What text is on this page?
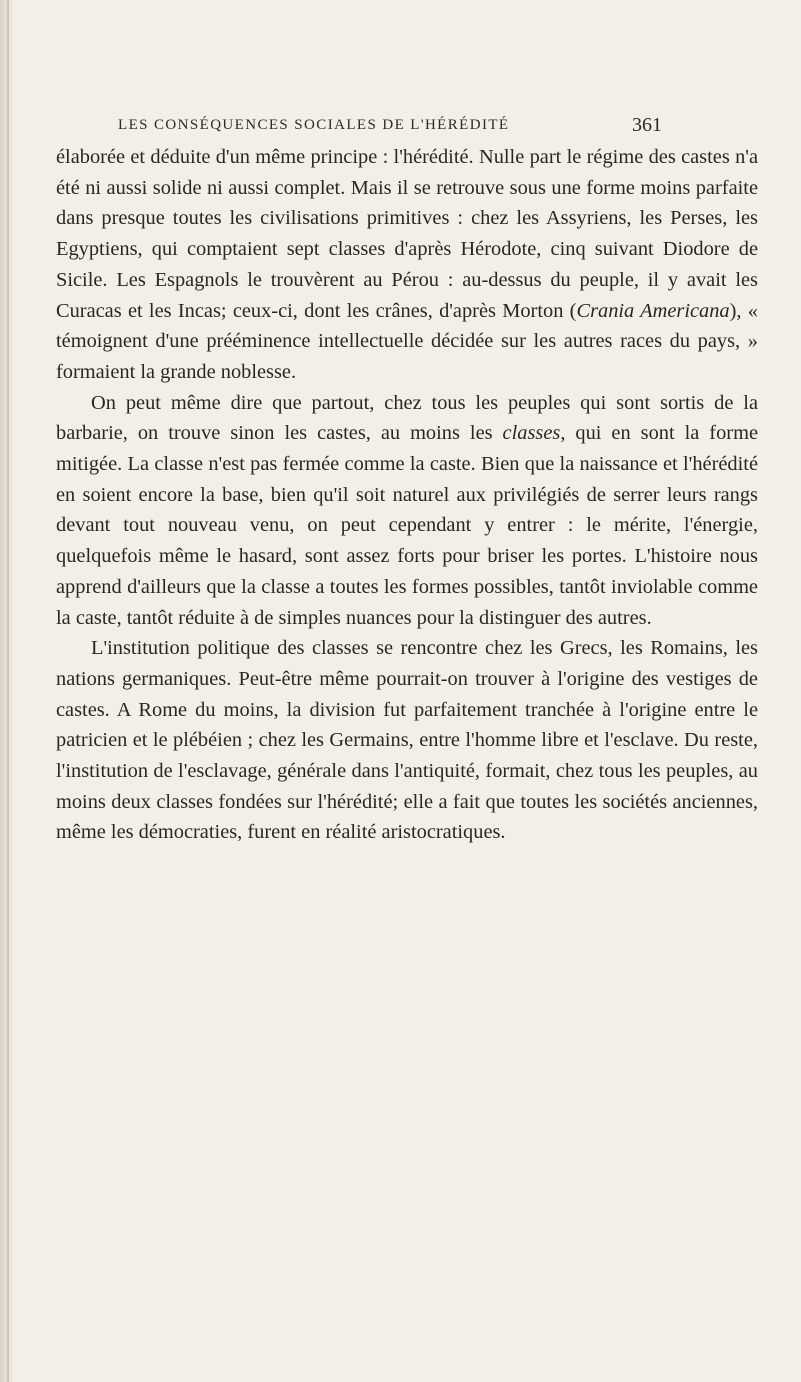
LES CONSÉQUENCES SOCIALES DE L'HÉRÉDITÉ	361

élaborée et déduite d'un même principe : l'hérédité. Nulle part le régime des castes n'a été ni aussi solide ni aussi complet. Mais il se retrouve sous une forme moins parfaite dans presque toutes les civilisations primitives : chez les Assyriens, les Perses, les Egyptiens, qui comptaient sept classes d'après Hérodote, cinq suivant Diodore de Sicile. Les Espagnols le trouvèrent au Pérou : au-dessus du peuple, il y avait les Curacas et les Incas; ceux-ci, dont les crânes, d'après Morton (Crania Americana), « témoignent d'une prééminence intellectuelle décidée sur les autres races du pays, » formaient la grande noblesse.

On peut même dire que partout, chez tous les peuples qui sont sortis de la barbarie, on trouve sinon les castes, au moins les classes, qui en sont la forme mitigée. La classe n'est pas fermée comme la caste. Bien que la naissance et l'hérédité en soient encore la base, bien qu'il soit naturel aux privilégiés de serrer leurs rangs devant tout nouveau venu, on peut cependant y entrer : le mérite, l'énergie, quelquefois même le hasard, sont assez forts pour briser les portes. L'histoire nous apprend d'ailleurs que la classe a toutes les formes possibles, tantôt inviolable comme la caste, tantôt réduite à de simples nuances pour la distinguer des autres.

L'institution politique des classes se rencontre chez les Grecs, les Romains, les nations germaniques. Peut-être même pourrait-on trouver à l'origine des vestiges de castes. A Rome du moins, la division fut parfaitement tranchée à l'origine entre le patricien et le plébéien ; chez les Germains, entre l'homme libre et l'esclave. Du reste, l'institution de l'esclavage, générale dans l'antiquité, formait, chez tous les peuples, au moins deux classes fondées sur l'hérédité; elle a fait que toutes les sociétés anciennes, même les démocraties, furent en réalité aristocratiques.
